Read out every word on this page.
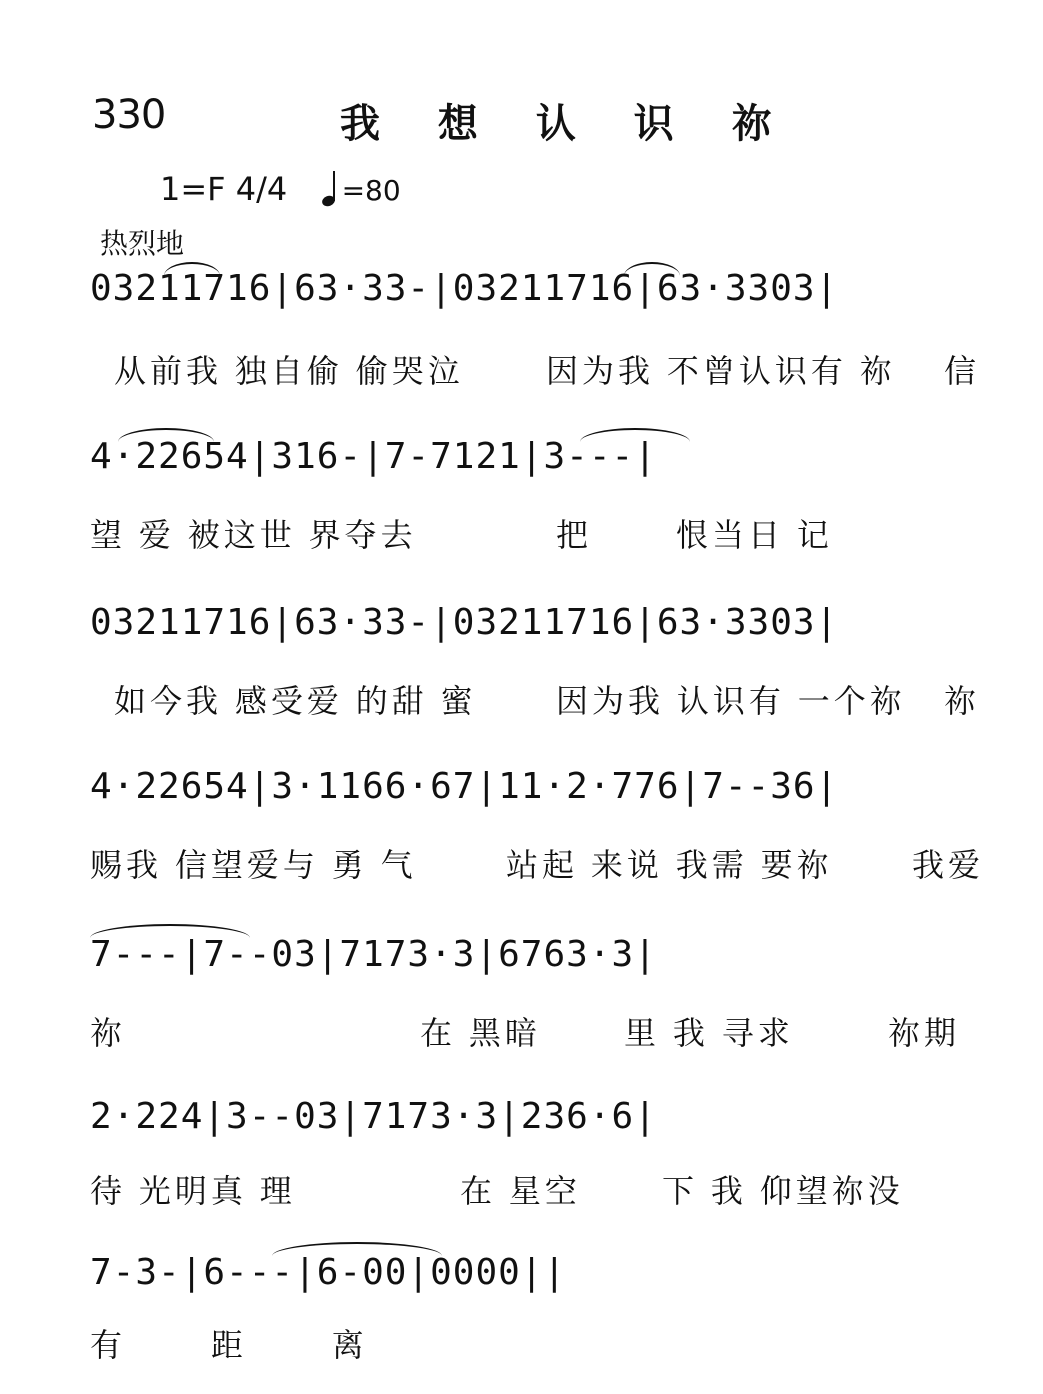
330	我 想 认 识 祢
1=F 4/4 =80
热烈地
03211716|63·33-|03211716|63·3303|
从前我 独自偷 偷哭泣	因为我 不曾认识有 祢 信
4·22654|316-|7-7121|3---|
望 爱 被这世 界夺去	把	恨当日 记
03211716|63·33-|03211716|63·3303|
如今我 感受爱 的甜 蜜 因为我 认识有 一个祢 祢
4·22654|3·1166·67|11·2·776|7--36|
赐我 信望爱与 勇 气	站起 来说 我需 要祢 我爱
7---|7--03|7173·3|6763·3|
祢	在 黑暗	里 我 寻求	祢期
2·224|3--03|7173·3|236·6|
待 光明真 理	在 星空	下 我 仰望祢没
7-3-|6---|6-00|0000||
有 距 离
